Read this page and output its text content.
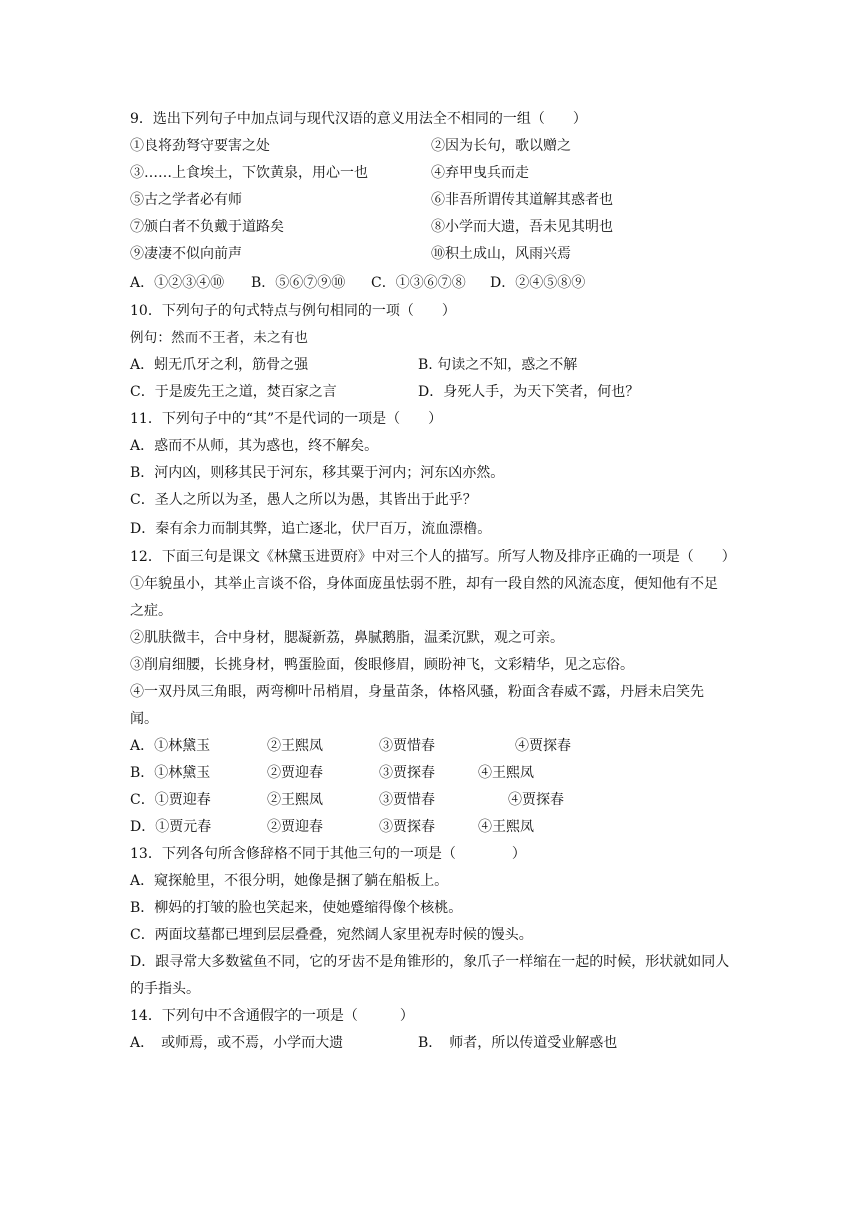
9．选出下列句子中加点词与现代汉语的意义用法全不相同的一组（　　）
①良将劲弩守要害之处	②因为长句，歌以赠之
③……上食埃土，下饮黄泉，用心一也	④弃甲曳兵而走
⑤古之学者必有师	⑥非吾所谓传其道解其惑者也
⑦颁白者不负戴于道路矣	⑧小学而大遗，吾未见其明也
⑨凄凄不似向前声	⑩积土成山，风雨兴焉
A．①②③④⑩ B．⑤⑥⑦⑨⑩ C．①③⑥⑦⑧ D．②④⑤⑧⑨
10．下列句子的句式特点与例句相同的一项（　　）
例句：然而不王者，未之有也
A．蚓无爪牙之利，筋骨之强	B. 句读之不知，惑之不解
C．于是废先王之道，焚百家之言	D．身死人手，为天下笑者，何也？
11．下列句子中的“其”不是代词的一项是（　　）
A．惑而不从师，其为惑也，终不解矣。
B．河内凶，则移其民于河东，移其粟于河内；河东凶亦然。
C．圣人之所以为圣，愚人之所以为愚，其皆出于此乎？
D．秦有余力而制其弊，追亡逐北，伏尸百万，流血漂橹。
12．下面三句是课文《林黛玉进贾府》中对三个人的描写。所写人物及排序正确的一项是（　　）
①年貌虽小，其举止言谈不俗，身体面庞虽怯弱不胜，却有一段自然的风流态度，便知他有不足之症。
②肌肤微丰，合中身材，腮凝新荔，鼻腻鹅脂，温柔沉默，观之可亲。
③削肩细腰，长挑身材，鸭蛋脸面，俊眼修眉，顾盼神飞，文彩精华，见之忘俗。
④一双丹凤三角眼，两弯柳叶吊梢眉，身量苗条，体格风骚，粉面含春威不露，丹唇未启笑先闻。
A．①林黛玉	②王熙凤	③贾惜春	④贾探春
B．①林黛玉	②贾迎春	③贾探春	④王熙凤
C．①贾迎春	②王熙凤	③贾惜春	④贾探春
D．①贾元春	②贾迎春	③贾探春	④王熙凤
13．下列各句所含修辞格不同于其他三句的一项是（　　　　）
A．窥探舱里，不很分明，她像是捆了躺在船板上。
B．柳妈的打皱的脸也笑起来，使她蹙缩得像个核桃。
C．两面坟墓都已埋到层层叠叠，宛然阔人家里祝寿时候的馒头。
D．跟寻常大多数鲨鱼不同，它的牙齿不是角锥形的，象爪子一样缩在一起的时候，形状就如同人的手指头。
14．下列句中不含通假字的一项是（　　　）
A．　或师焉，或不焉，小学而大遗	B．　师者，所以传道受业解惑也
